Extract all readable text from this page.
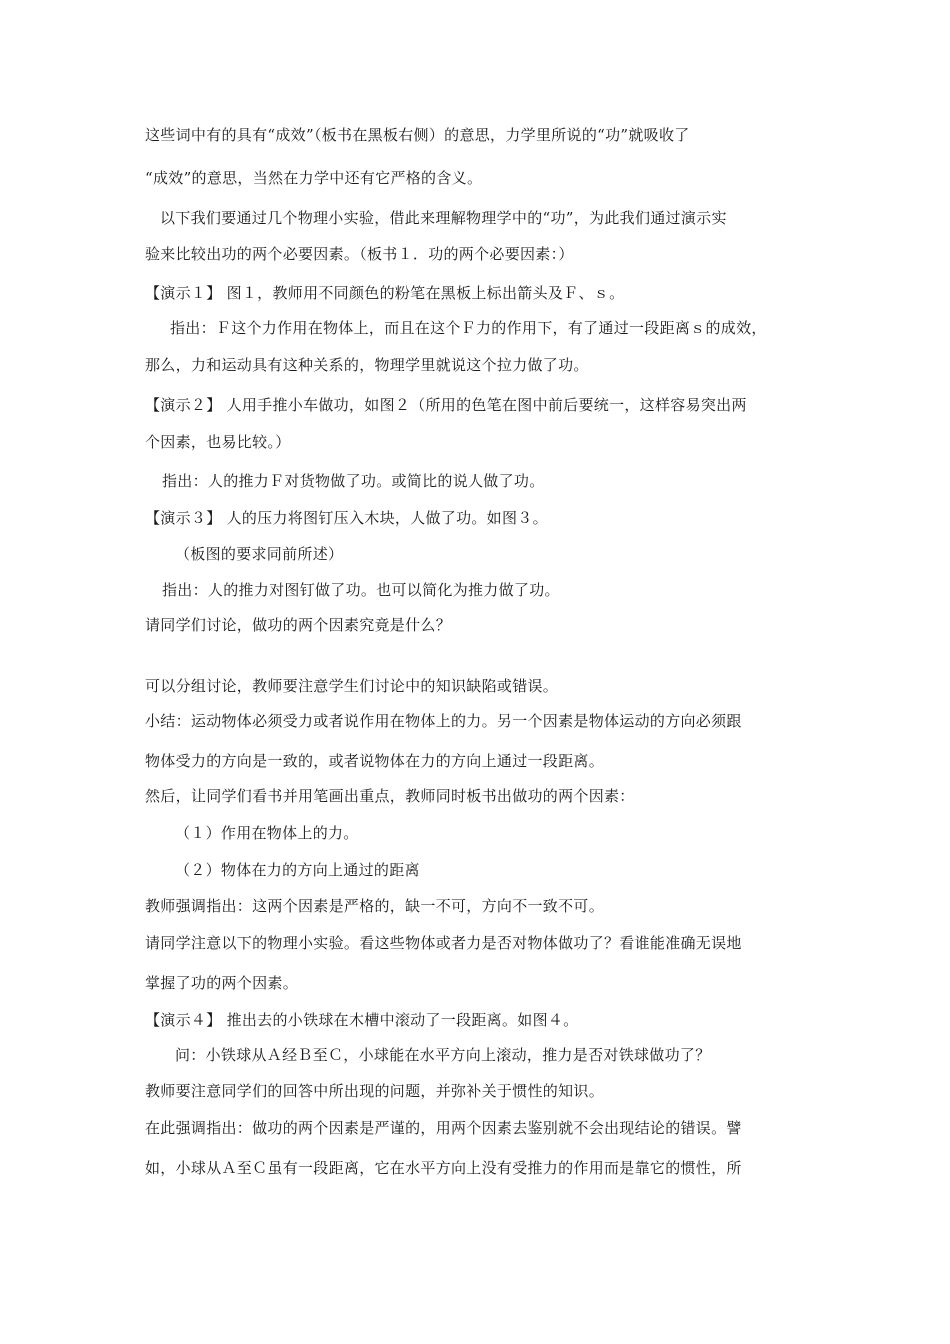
这些词中有的具有“成效”（板书在黑板右侧）的意思，力学里所说的“功”就吸收了
“成效”的意思，当然在力学中还有它严格的含义。
以下我们要通过几个物理小实验，借此来理解物理学中的“功”，为此我们通过演示实
验来比较出功的两个必要因素。（板书１．功的两个必要因素：）
【演示１】 图１，教师用不同颜色的粉笔在黑板上标出箭头及Ｆ、ｓ。
指出：Ｆ这个力作用在物体上，而且在这个Ｆ力的作用下，有了通过一段距离ｓ的成效，
那么，力和运动具有这种关系的，物理学里就说这个拉力做了功。
【演示２】 人用手推小车做功，如图２（所用的色笔在图中前后要统一，这样容易突出两
个因素，也易比较。）
指出：人的推力Ｆ对货物做了功。或简比的说人做了功。
【演示３】 人的压力将图钉压入木块，人做了功。如图３。
（板图的要求同前所述）
指出：人的推力对图钉做了功。也可以简化为推力做了功。
请同学们讨论，做功的两个因素究竟是什么？
可以分组讨论，教师要注意学生们讨论中的知识缺陷或错误。
小结：运动物体必须受力或者说作用在物体上的力。另一个因素是物体运动的方向必须跟
物体受力的方向是一致的，或者说物体在力的方向上通过一段距离。
然后，让同学们看书并用笔画出重点，教师同时板书出做功的两个因素：
（１）作用在物体上的力。
（２）物体在力的方向上通过的距离
教师强调指出：这两个因素是严格的，缺一不可，方向不一致不可。
请同学注意以下的物理小实验。看这些物体或者力是否对物体做功了？看谁能准确无误地
掌握了功的两个因素。
【演示４】 推出去的小铁球在木槽中滚动了一段距离。如图４。
问：小铁球从Ａ经Ｂ至Ｃ，小球能在水平方向上滚动，推力是否对铁球做功了？
教师要注意同学们的回答中所出现的问题，并弥补关于惯性的知识。
在此强调指出：做功的两个因素是严谨的，用两个因素去鉴别就不会出现结论的错误。譬
如，小球从Ａ至Ｃ虽有一段距离，它在水平方向上没有受推力的作用而是靠它的惯性，所
